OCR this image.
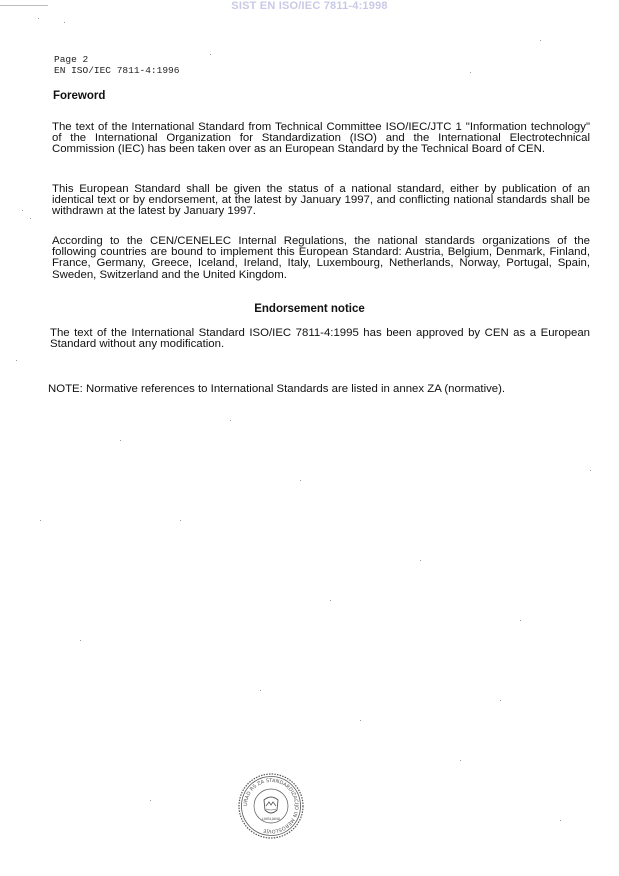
SIST EN ISO/IEC 7811-4:1998
Page 2
EN ISO/IEC 7811-4:1996
Foreword
The text of the International Standard from Technical Committee ISO/IEC/JTC 1 "Information technology" of the International Organization for Standardization (ISO) and the International Electrotechnical Commission (IEC) has been taken over as an European Standard by the Technical Board of CEN.
This European Standard shall be given the status of a national standard, either by publication of an identical text or by endorsement, at the latest by January 1997, and conflicting national standards shall be withdrawn at the latest by January 1997.
According to the CEN/CENELEC Internal Regulations, the national standards organizations of the following countries are bound to implement this European Standard: Austria, Belgium, Denmark, Finland, France, Germany, Greece, Iceland, Ireland, Italy, Luxembourg, Netherlands, Norway, Portugal, Spain, Sweden, Switzerland and the United Kingdom.
Endorsement notice
The text of the International Standard ISO/IEC 7811-4:1995 has been approved by CEN as a European Standard without any modification.
NOTE: Normative references to International Standards are listed in annex ZA (normative).
URAD RS ZA STANDARDIZACIJO IN MEROSLOVJE
LJUBLJANA
